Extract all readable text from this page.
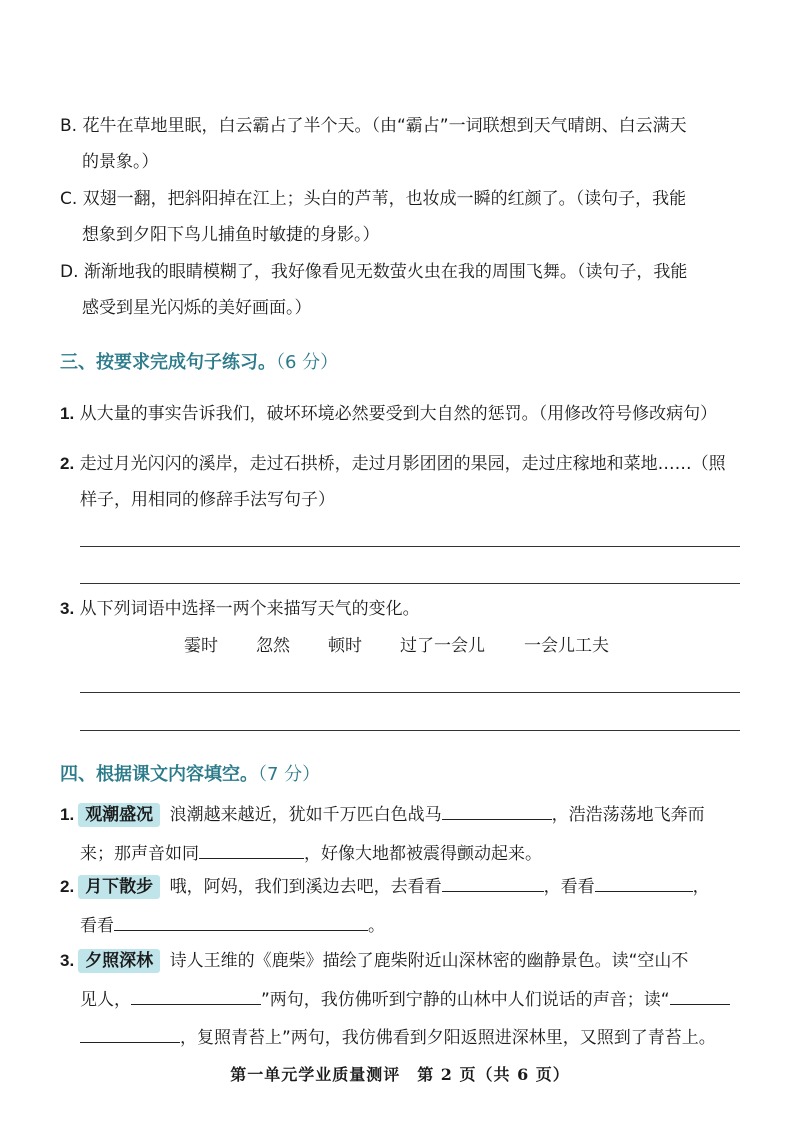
B. 花牛在草地里眠，白云霸占了半个天。（由“霸占”一词联想到天气晴朗、白云满天
的景象。）
C. 双翅一翻，把斜阳掉在江上；头白的芦苇，也妆成一瞬的红颜了。（读句子，我能
想象到夕阳下鸟儿捕鱼时敏捷的身影。）
D. 渐渐地我的眼睛模糊了，我好像看见无数萤火虫在我的周围飞舞。（读句子，我能
感受到星光闪烁的美好画面。）
三、按要求完成句子练习。（6 分）
1. 从大量的事实告诉我们，破坏环境必然要受到大自然的惩罚。（用修改符号修改病句）
2. 走过月光闪闪的溪岸，走过石拱桥，走过月影团团的果园，走过庄稼地和菜地……（照
样子，用相同的修辞手法写句子）
3. 从下列词语中选择一两个来描写天气的变化。
霎时 忽然 顿时 过了一会儿 一会儿工夫
四、根据课文内容填空。（7 分）
1. 观潮盛况 浪潮越来越近，犹如千万匹白色战马	，浩浩荡荡地飞奔而
来；那声音如同	，好像大地都被震得颤动起来。
2. 月下散步 哦，阿妈，我们到溪边去吧，去看看	，看看	，
看看	。
3. 夕照深林 诗人王维的《鹿柴》描绘了鹿柴附近山深林密的幽静景色。读“空山不
见人，	”两句，我仿佛听到宁静的山林中人们说话的声音；读“
，复照青苔上”两句，我仿佛看到夕阳返照进深林里，又照到了青苔上。
第一单元学业质量测评　第 2 页（共 6 页）
